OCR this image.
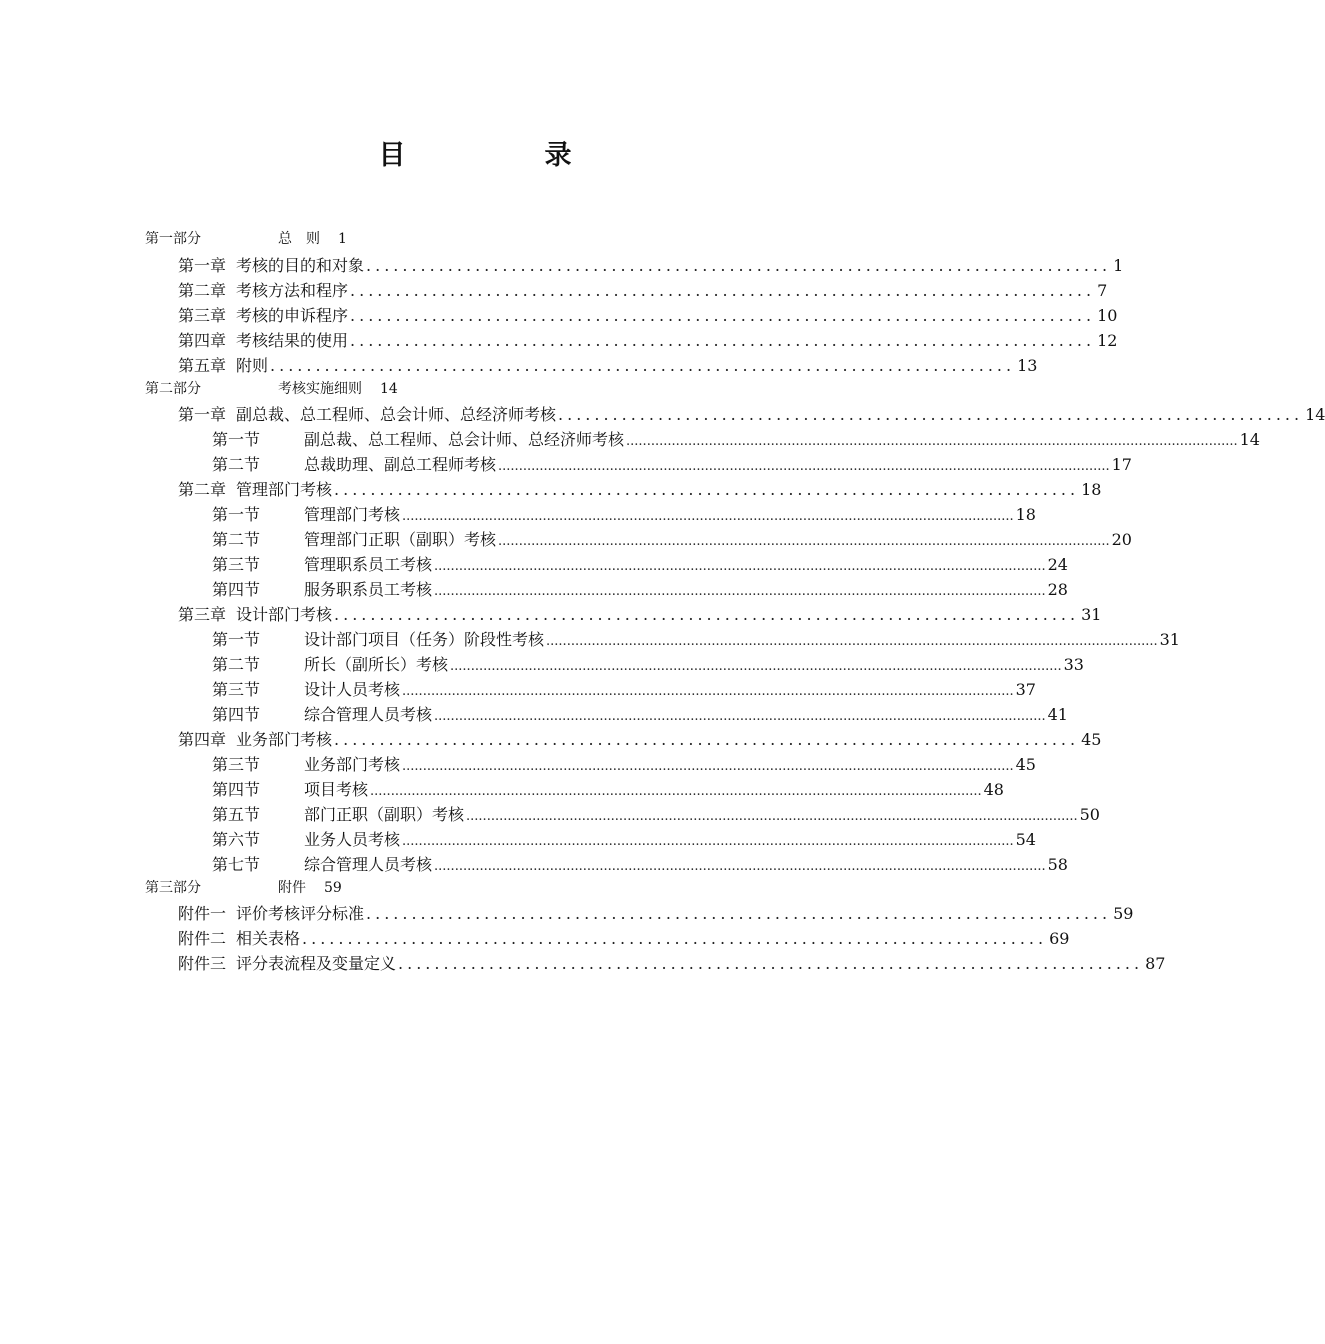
目　录
第一部分	总　则 1
第一章 考核的目的和对象 .................................................................................. 1
第二章 考核方法和程序 .................................................................................. 7
第三章 考核的申诉程序 .................................................................................. 10
第四章 考核结果的使用 .................................................................................. 12
第五章 附则 .................................................................................. 13
第二部分	考核实施细则 14
第一章 副总裁、总工程师、总会计师、总经济师考核 .................................................................................. 14
第一节	副总裁、总工程师、总会计师、总经济师考核 .................................................................................................................................................... 14
第二节	总裁助理、副总工程师考核 .................................................................................................................................................... 17
第二章 管理部门考核 .................................................................................. 18
第一节	管理部门考核 .................................................................................................................................................... 18
第二节	管理部门正职（副职）考核 .................................................................................................................................................... 20
第三节	管理职系员工考核 .................................................................................................................................................... 24
第四节	服务职系员工考核 .................................................................................................................................................... 28
第三章 设计部门考核 .................................................................................. 31
第一节	设计部门项目（任务）阶段性考核 .................................................................................................................................................... 31
第二节	所长（副所长）考核 .................................................................................................................................................... 33
第三节	设计人员考核 .................................................................................................................................................... 37
第四节	综合管理人员考核 .................................................................................................................................................... 41
第四章 业务部门考核 .................................................................................. 45
第三节	业务部门考核 .................................................................................................................................................... 45
第四节	项目考核 .................................................................................................................................................... 48
第五节	部门正职（副职）考核 .................................................................................................................................................... 50
第六节	业务人员考核 .................................................................................................................................................... 54
第七节	综合管理人员考核 .................................................................................................................................................... 58
第三部分	附件 59
附件一 评价考核评分标准 .................................................................................. 59
附件二 相关表格 .................................................................................. 69
附件三 评分表流程及变量定义 .................................................................................. 87
